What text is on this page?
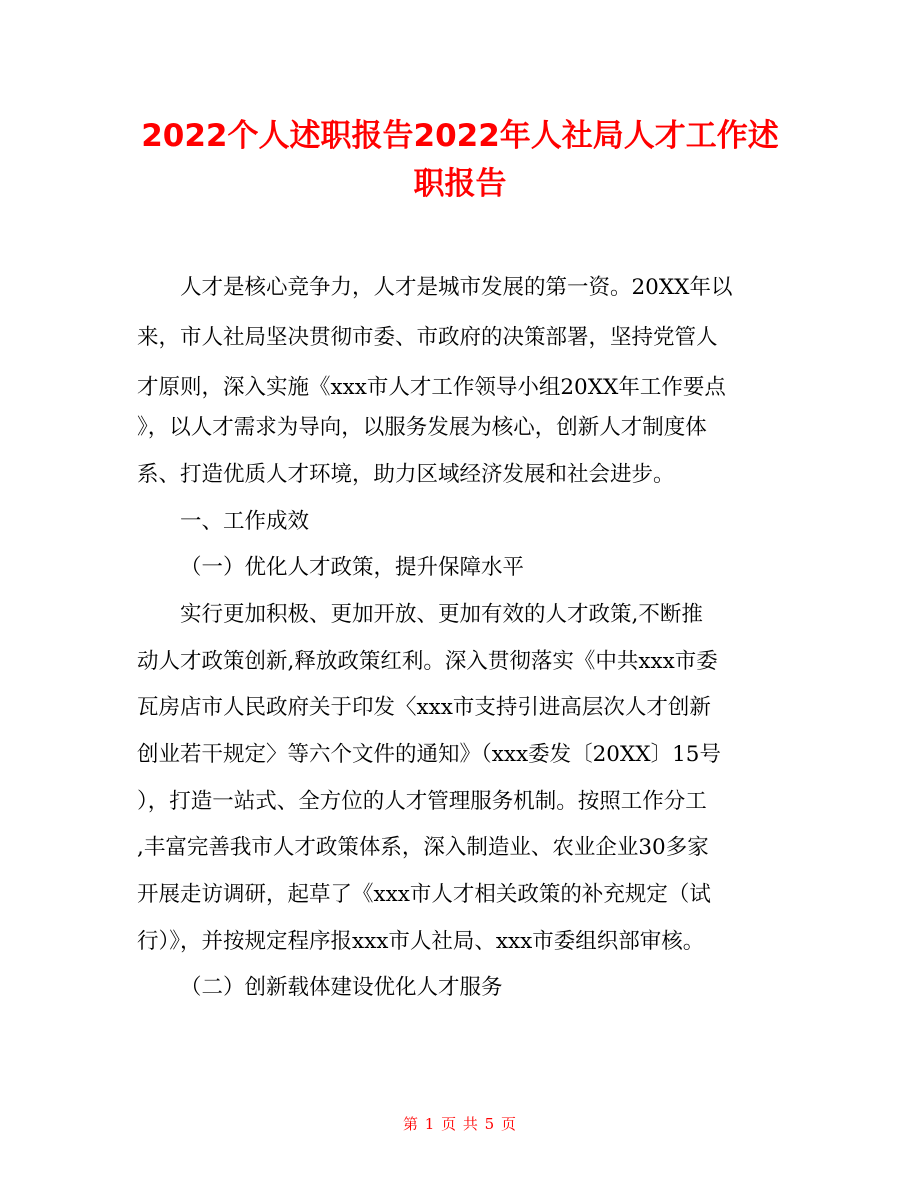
2022个人述职报告2022年人社局人才工作述
职报告
人才是核心竞争力，人才是城市发展的第一资。20XX年以
来，市人社局坚决贯彻市委、市政府的决策部署，坚持党管人
才原则，深入实施《xxx市人才工作领导小组20XX年工作要点
》，以人才需求为导向，以服务发展为核心，创新人才制度体
系、打造优质人才环境，助力区域经济发展和社会进步。
一、工作成效
（一）优化人才政策，提升保障水平
实行更加积极、更加开放、更加有效的人才政策,不断推
动人才政策创新,释放政策红利。深入贯彻落实《中共xxx市委
瓦房店市人民政府关于印发〈xxx市支持引进高层次人才创新
创业若干规定〉等六个文件的通知》（xxx委发〔20XX〕15号
），打造一站式、全方位的人才管理服务机制。按照工作分工
,丰富完善我市人才政策体系，深入制造业、农业企业30多家
开展走访调研，起草了《xxx市人才相关政策的补充规定（试
行）》，并按规定程序报xxx市人社局、xxx市委组织部审核。
（二）创新载体建设优化人才服务
第 1 页 共 5 页
